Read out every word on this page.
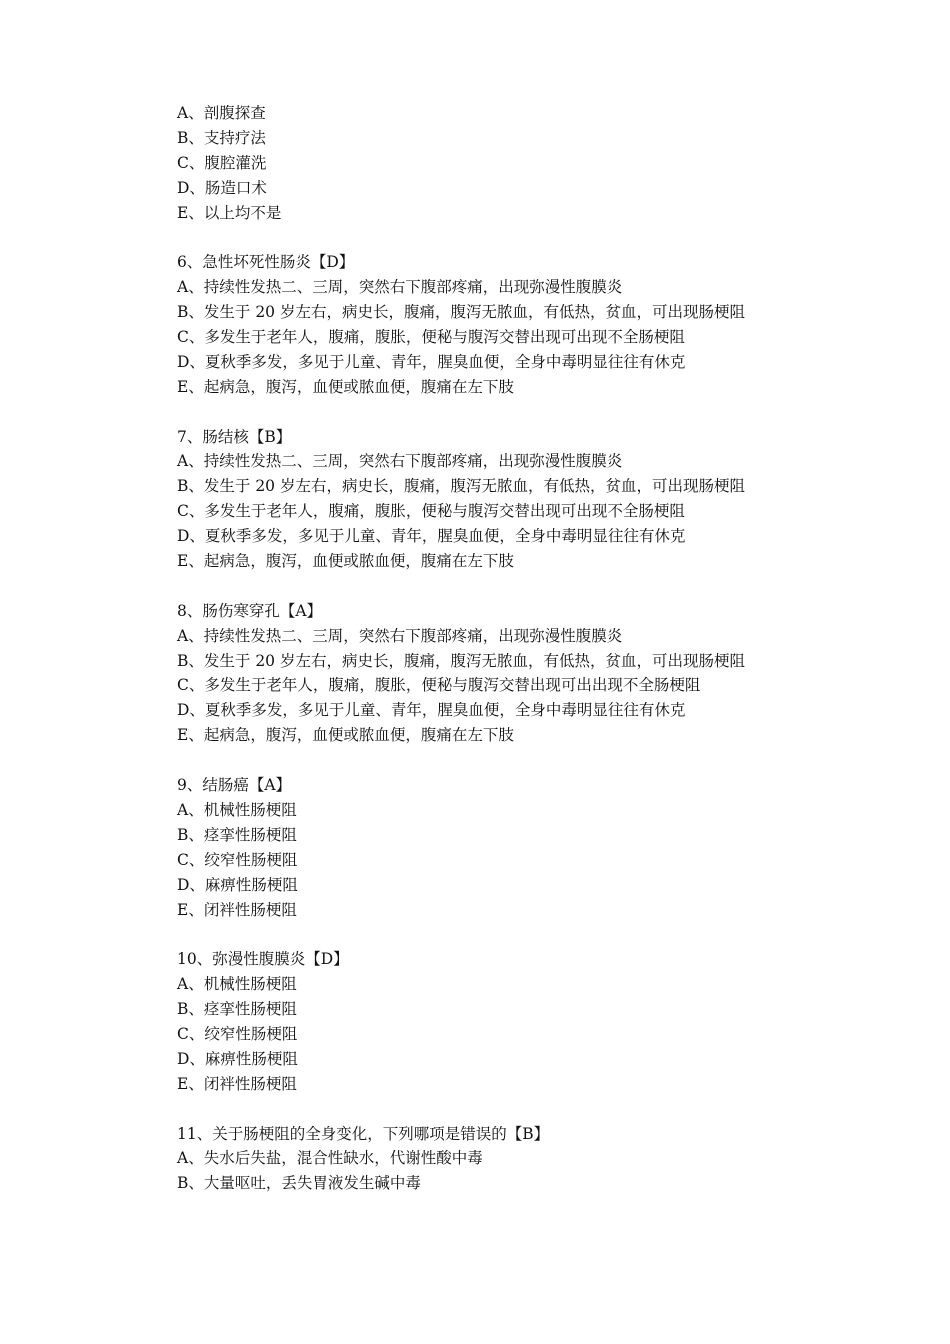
A、剖腹探查
B、支持疗法
C、腹腔灌洗
D、肠造口术
E、以上均不是
6、急性坏死性肠炎【D】
A、持续性发热二、三周，突然右下腹部疼痛，出现弥漫性腹膜炎
B、发生于 20 岁左右，病史长，腹痛，腹泻无脓血，有低热，贫血，可出现肠梗阻
C、多发生于老年人，腹痛，腹胀，便秘与腹泻交替出现可出现不全肠梗阻
D、夏秋季多发，多见于儿童、青年，腥臭血便，全身中毒明显往往有休克
E、起病急，腹泻，血便或脓血便，腹痛在左下肢
7、肠结核【B】
A、持续性发热二、三周，突然右下腹部疼痛，出现弥漫性腹膜炎
B、发生于 20 岁左右，病史长，腹痛，腹泻无脓血，有低热，贫血，可出现肠梗阻
C、多发生于老年人，腹痛，腹胀，便秘与腹泻交替出现可出现不全肠梗阻
D、夏秋季多发，多见于儿童、青年，腥臭血便，全身中毒明显往往有休克
E、起病急，腹泻，血便或脓血便，腹痛在左下肢
8、肠伤寒穿孔【A】
A、持续性发热二、三周，突然右下腹部疼痛，出现弥漫性腹膜炎
B、发生于 20 岁左右，病史长，腹痛，腹泻无脓血，有低热，贫血，可出现肠梗阻
C、多发生于老年人，腹痛，腹胀，便秘与腹泻交替出现可出出现不全肠梗阻
D、夏秋季多发，多见于儿童、青年，腥臭血便，全身中毒明显往往有休克
E、起病急，腹泻，血便或脓血便，腹痛在左下肢
9、结肠癌【A】
A、机械性肠梗阻
B、痉挛性肠梗阻
C、绞窄性肠梗阻
D、麻痹性肠梗阻
E、闭袢性肠梗阻
10、弥漫性腹膜炎【D】
A、机械性肠梗阻
B、痉挛性肠梗阻
C、绞窄性肠梗阻
D、麻痹性肠梗阻
E、闭袢性肠梗阻
11、关于肠梗阻的全身变化，下列哪项是错误的【B】
A、失水后失盐，混合性缺水，代谢性酸中毒
B、大量呕吐，丢失胃液发生碱中毒
